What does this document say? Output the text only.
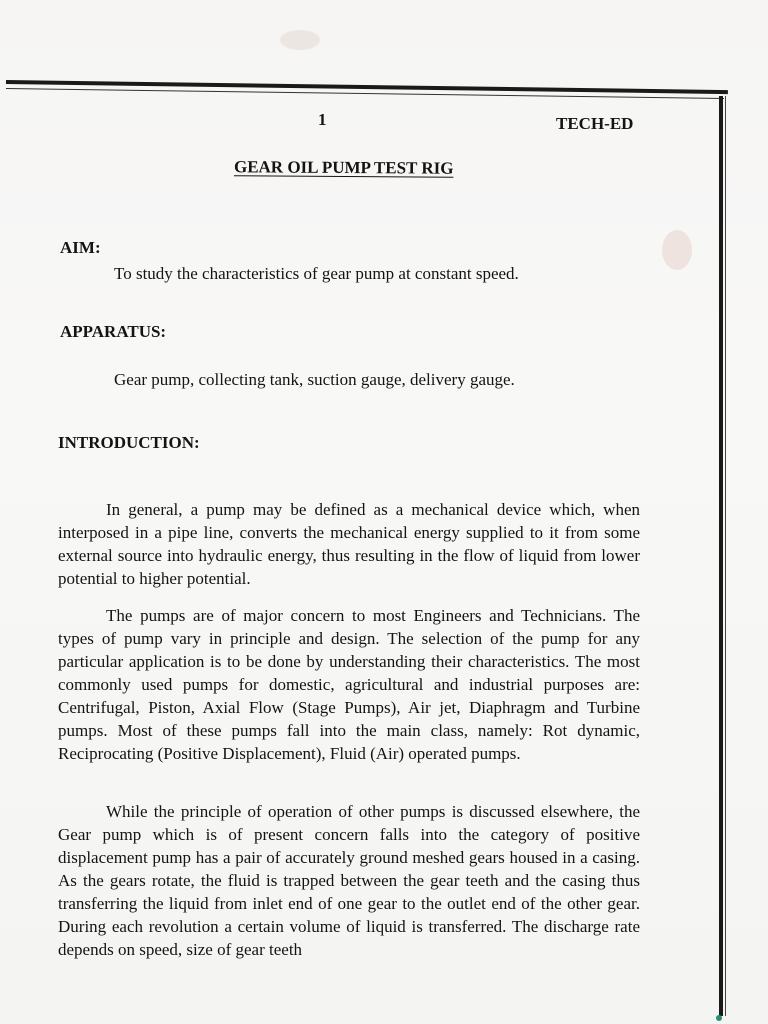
1	TECH-ED
GEAR OIL PUMP TEST RIG
AIM:
To study the characteristics of gear pump at constant speed.
APPARATUS:
Gear pump, collecting tank, suction gauge, delivery gauge.
INTRODUCTION:
In general, a pump may be defined as a mechanical device which, when interposed in a pipe line, converts the mechanical energy supplied to it from some external source into hydraulic energy, thus resulting in the flow of liquid from lower potential to higher potential.
The pumps are of major concern to most Engineers and Technicians. The types of pump vary in principle and design. The selection of the pump for any particular application is to be done by understanding their characteristics. The most commonly used pumps for domestic, agricultural and industrial purposes are: Centrifugal, Piston, Axial Flow (Stage Pumps), Air jet, Diaphragm and Turbine pumps. Most of these pumps fall into the main class, namely: Rot dynamic, Reciprocating (Positive Displacement), Fluid (Air) operated pumps.
While the principle of operation of other pumps is discussed elsewhere, the Gear pump which is of present concern falls into the category of positive displacement pump has a pair of accurately ground meshed gears housed in a casing. As the gears rotate, the fluid is trapped between the gear teeth and the casing thus transferring the liquid from inlet end of one gear to the outlet end of the other gear. During each revolution a certain volume of liquid is transferred. The discharge rate depends on speed, size of gear teeth
